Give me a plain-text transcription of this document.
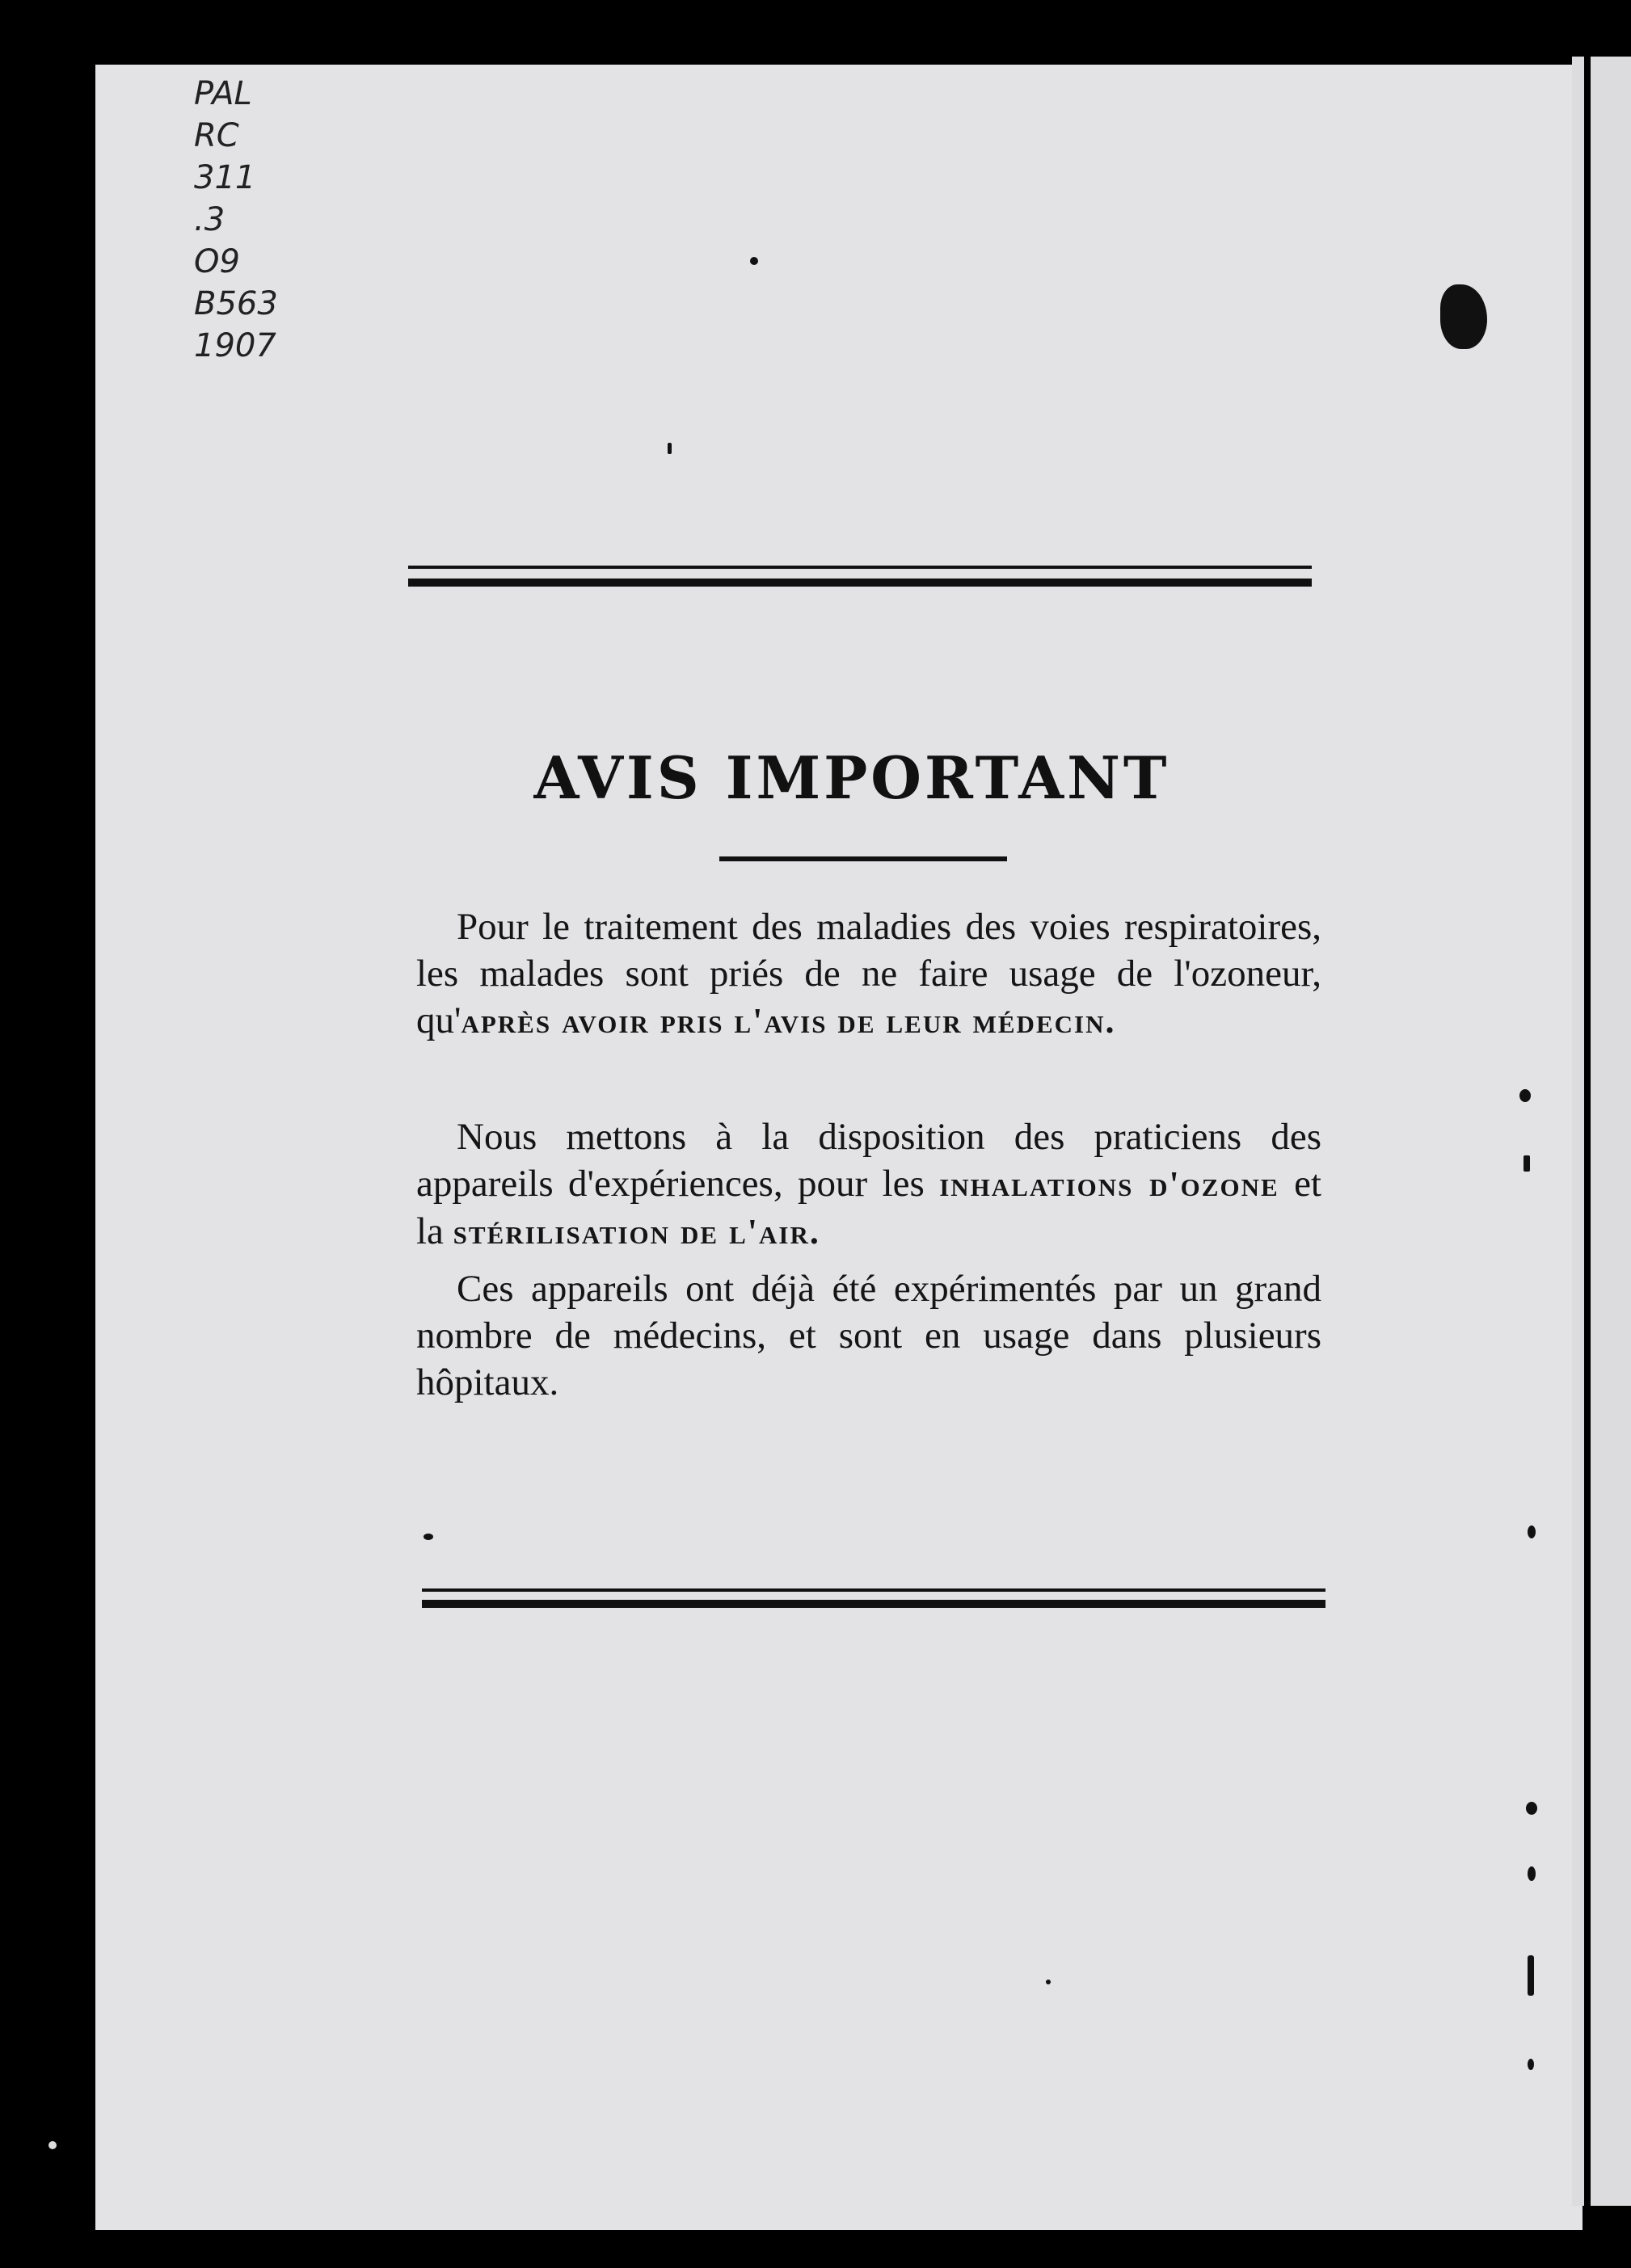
PAL
RC
311
.3
O9
B563
1907
AVIS IMPORTANT
Pour le traitement des maladies des voies respiratoires, les malades sont priés de ne faire usage de l'ozoneur, qu'après avoir pris l'avis de leur médecin.
Nous mettons à la disposition des praticiens des appareils d'expériences, pour les inhalations d'ozone et la stérilisation de l'air.
Ces appareils ont déjà été expérimentés par un grand nombre de médecins, et sont en usage dans plusieurs hôpitaux.
